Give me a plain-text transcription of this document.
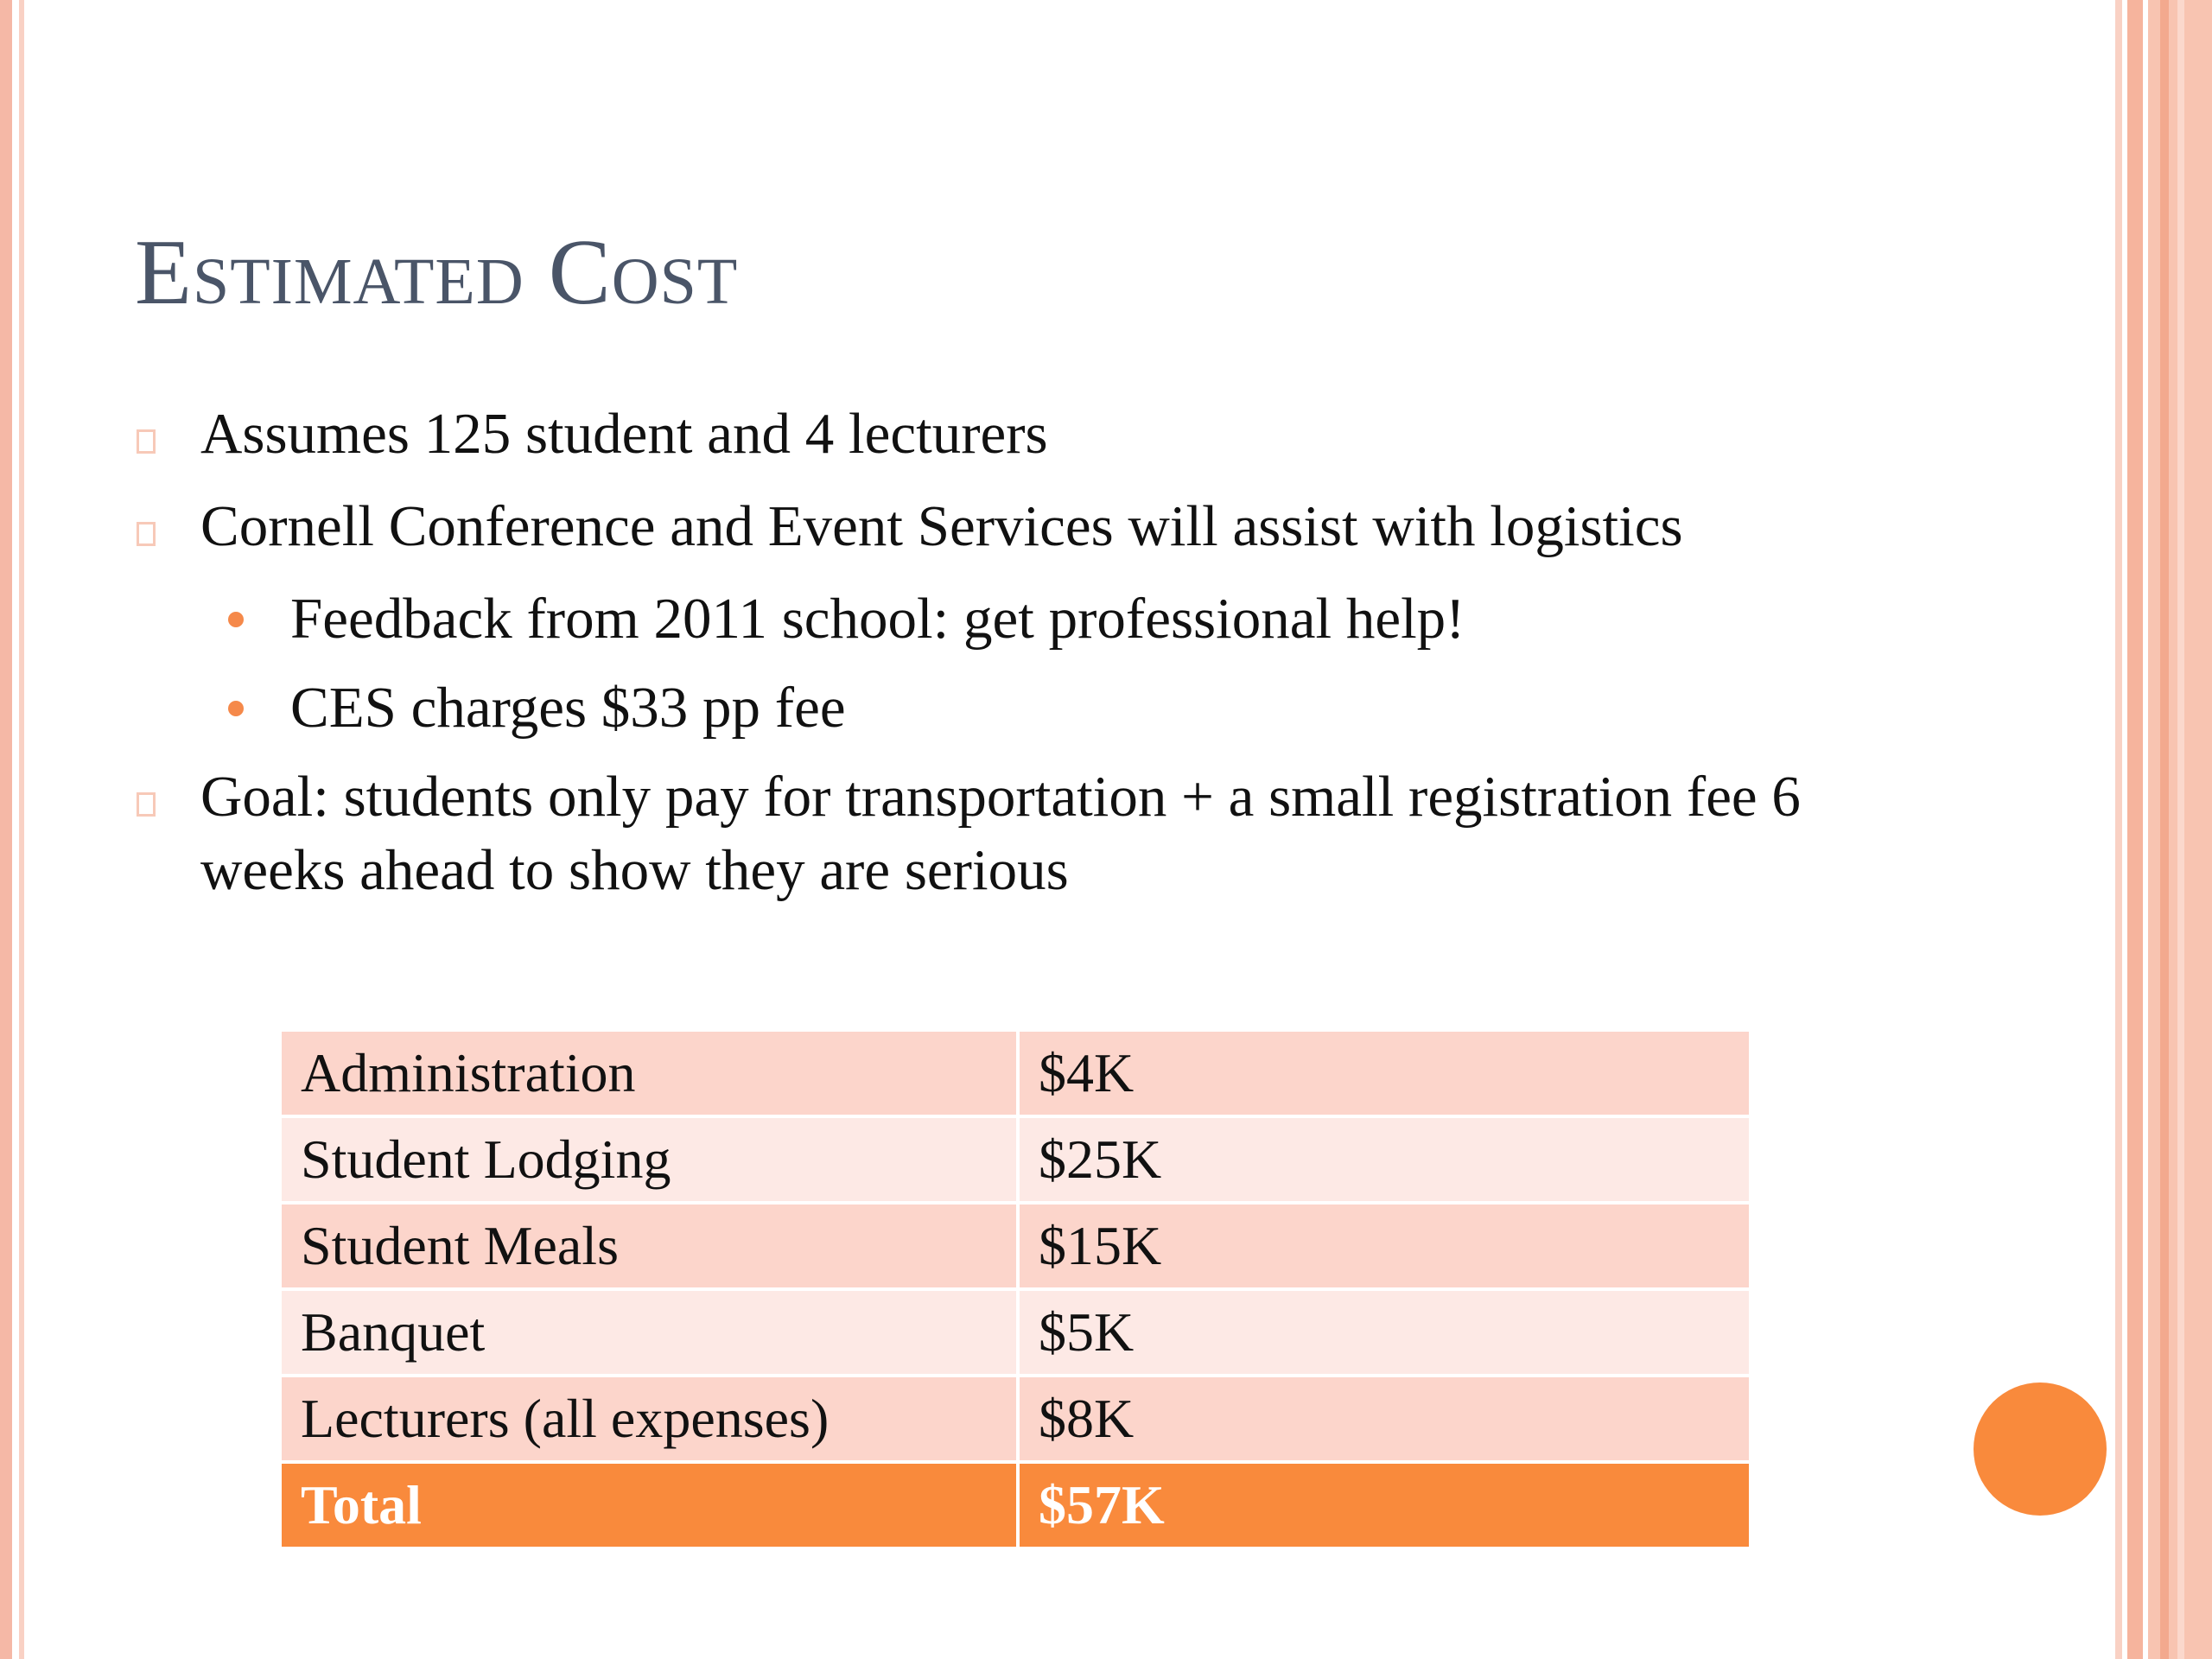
Estimated Cost
Assumes 125 student and 4 lecturers
Cornell Conference and Event Services will assist with logistics
Feedback from 2011 school: get professional help!
CES charges $33 pp fee
Goal: students only pay for transportation + a small registration fee 6 weeks ahead to show they are serious
Administration	$4K
Student Lodging	$25K
Student Meals	$15K
Banquet	$5K
Lecturers (all expenses)	$8K
Total	$57K
